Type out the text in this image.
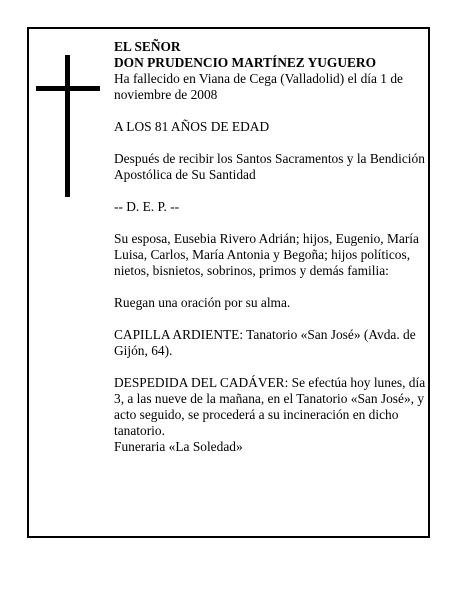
EL SEÑOR

DON PRUDENCIO MARTÍNEZ YUGUERO

Ha fallecido en Viana de Cega (Valladolid) el día 1 de noviembre de 2008

A LOS 81 AÑOS DE EDAD

Después de recibir los Santos Sacramentos y la Bendición Apostólica de Su Santidad

-- D. E. P. --

Su esposa, Eusebia Rivero Adrián; hijos, Eugenio, María Luisa, Carlos, María Antonia y Begoña; hijos políticos, nietos, bisnietos, sobrinos, primos y demás familia:

Ruegan una oración por su alma.

CAPILLA ARDIENTE: Tanatorio «San José» (Avda. de Gijón, 64).

DESPEDIDA DEL CADÁVER: Se efectúa hoy lunes, día 3, a las nueve de la mañana, en el Tanatorio «San José», y acto seguido, se procederá a su incineración en dicho tanatorio.

Funeraria «La Soledad»
